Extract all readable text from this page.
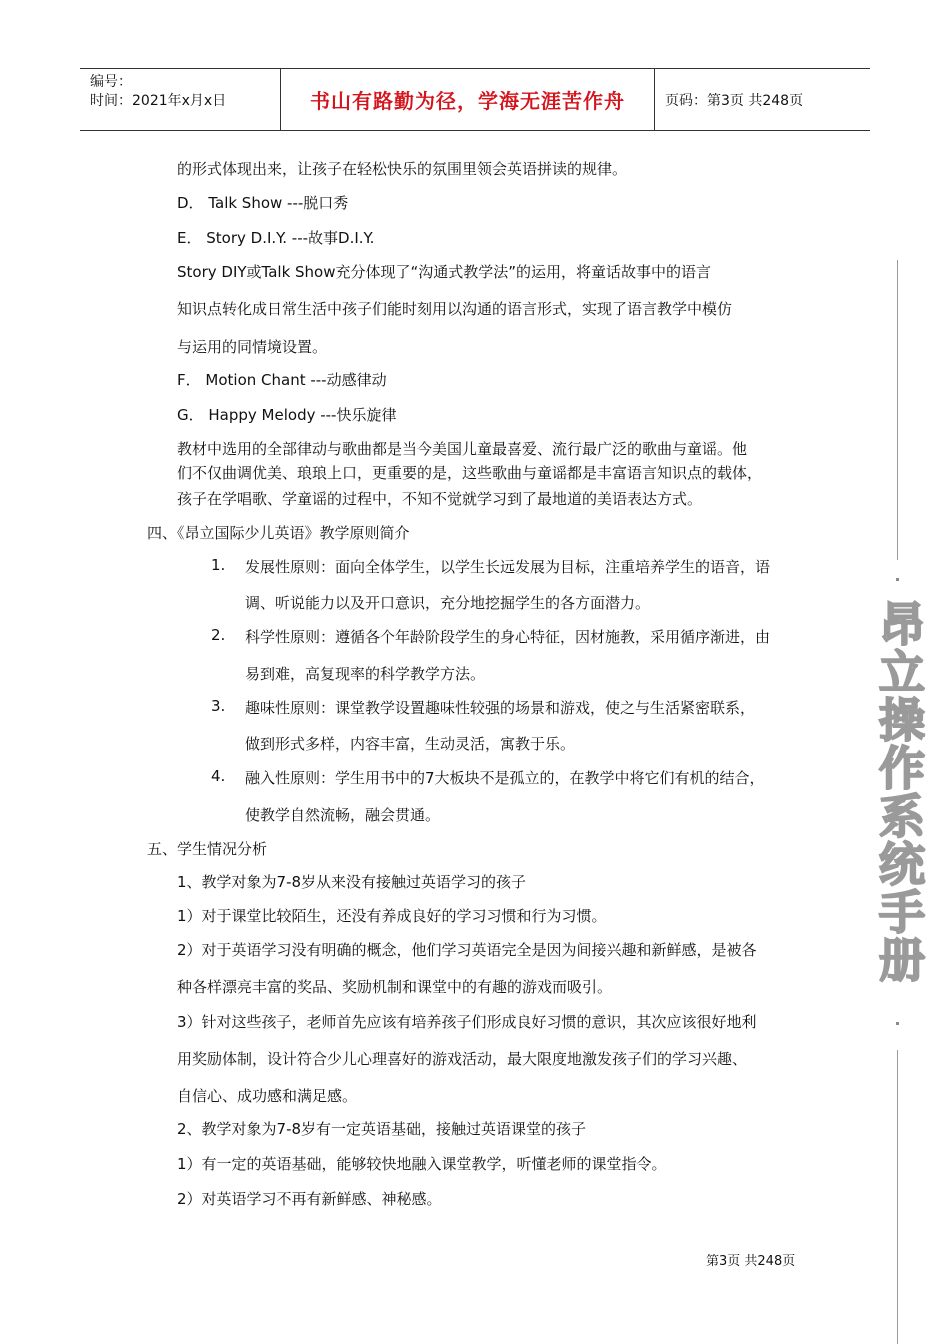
编号：
时间：2021年x月x日	书山有路勤为径，学海无涯苦作舟	页码：第3页 共248页
的形式体现出来，让孩子在轻松快乐的氛围里领会英语拼读的规律。
D． Talk Show ---脱口秀
E． Story D.I.Y. ---故事D.I.Y.
Story DIY或Talk Show充分体现了“沟通式教学法”的运用，将童话故事中的语言
知识点转化成日常生活中孩子们能时刻用以沟通的语言形式，实现了语言教学中模仿
与运用的同情境设置。
F． Motion Chant ---动感律动
G． Happy Melody ---快乐旋律
教材中选用的全部律动与歌曲都是当今美国儿童最喜爱、流行最广泛的歌曲与童谣。他
们不仅曲调优美、琅琅上口，更重要的是，这些歌曲与童谣都是丰富语言知识点的载体，
孩子在学唱歌、学童谣的过程中，不知不觉就学习到了最地道的美语表达方式。
四、《昂立国际少儿英语》教学原则简介
1. 发展性原则：面向全体学生，以学生长远发展为目标，注重培养学生的语音，语
调、听说能力以及开口意识，充分地挖掘学生的各方面潜力。
2. 科学性原则：遵循各个年龄阶段学生的身心特征，因材施教，采用循序渐进，由
易到难，高复现率的科学教学方法。
3. 趣味性原则：课堂教学设置趣味性较强的场景和游戏，使之与生活紧密联系，
做到形式多样，内容丰富，生动灵活，寓教于乐。
4. 融入性原则：学生用书中的7大板块不是孤立的，在教学中将它们有机的结合，
使教学自然流畅，融会贯通。
五、学生情况分析
1、教学对象为7-8岁从来没有接触过英语学习的孩子
1）对于课堂比较陌生，还没有养成良好的学习习惯和行为习惯。
2）对于英语学习没有明确的概念，他们学习英语完全是因为间接兴趣和新鲜感，是被各
种各样漂亮丰富的奖品、奖励机制和课堂中的有趣的游戏而吸引。
3）针对这些孩子，老师首先应该有培养孩子们形成良好习惯的意识，其次应该很好地利
用奖励体制，设计符合少儿心理喜好的游戏活动，最大限度地激发孩子们的学习兴趣、
自信心、成功感和满足感。
2、教学对象为7-8岁有一定英语基础，接触过英语课堂的孩子
1）有一定的英语基础，能够较快地融入课堂教学，听懂老师的课堂指令。
2）对英语学习不再有新鲜感、神秘感。
昂立操作系统手册
第3页 共248页
